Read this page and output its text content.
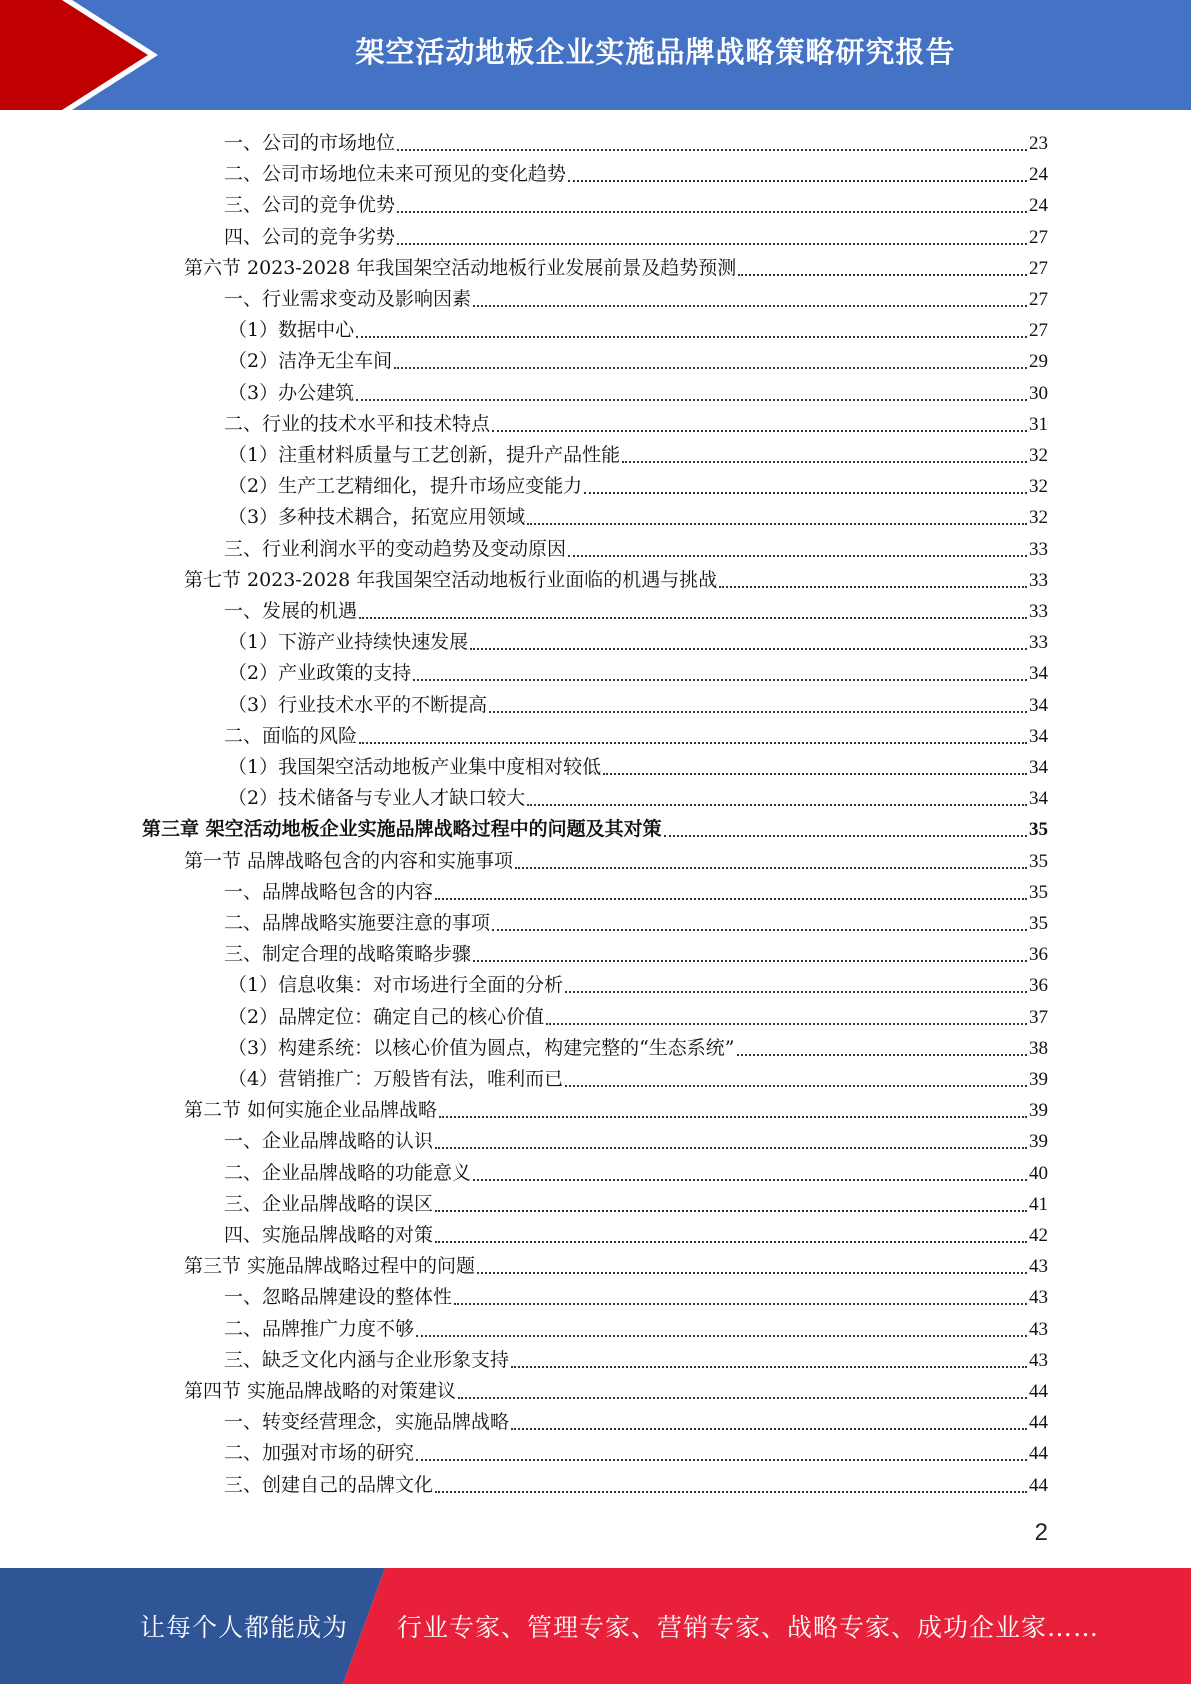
架空活动地板企业实施品牌战略策略研究报告
一、公司的市场地位	23
二、公司市场地位未来可预见的变化趋势	24
三、公司的竞争优势	24
四、公司的竞争劣势	27
第六节 2023-2028 年我国架空活动地板行业发展前景及趋势预测	27
一、行业需求变动及影响因素	27
（1）数据中心	27
（2）洁净无尘车间	29
（3）办公建筑	30
二、行业的技术水平和技术特点	31
（1）注重材料质量与工艺创新，提升产品性能	32
（2）生产工艺精细化，提升市场应变能力	32
（3）多种技术耦合，拓宽应用领域	32
三、行业利润水平的变动趋势及变动原因	33
第七节 2023-2028 年我国架空活动地板行业面临的机遇与挑战	33
一、发展的机遇	33
（1）下游产业持续快速发展	33
（2）产业政策的支持	34
（3）行业技术水平的不断提高	34
二、面临的风险	34
（1）我国架空活动地板产业集中度相对较低	34
（2）技术储备与专业人才缺口较大	34
第三章 架空活动地板企业实施品牌战略过程中的问题及其对策	35
第一节 品牌战略包含的内容和实施事项	35
一、品牌战略包含的内容	35
二、品牌战略实施要注意的事项	35
三、制定合理的战略策略步骤	36
（1）信息收集：对市场进行全面的分析	36
（2）品牌定位：确定自己的核心价值	37
（3）构建系统：以核心价值为圆点，构建完整的“生态系统”	38
（4）营销推广：万般皆有法，唯利而已	39
第二节 如何实施企业品牌战略	39
一、企业品牌战略的认识	39
二、企业品牌战略的功能意义	40
三、企业品牌战略的误区	41
四、实施品牌战略的对策	42
第三节 实施品牌战略过程中的问题	43
一、忽略品牌建设的整体性	43
二、品牌推广力度不够	43
三、缺乏文化内涵与企业形象支持	43
第四节 实施品牌战略的对策建议	44
一、转变经营理念，实施品牌战略	44
二、加强对市场的研究	44
三、创建自己的品牌文化	44
2
让每个人都能成为 行业专家、管理专家、营销专家、战略专家、成功企业家……
